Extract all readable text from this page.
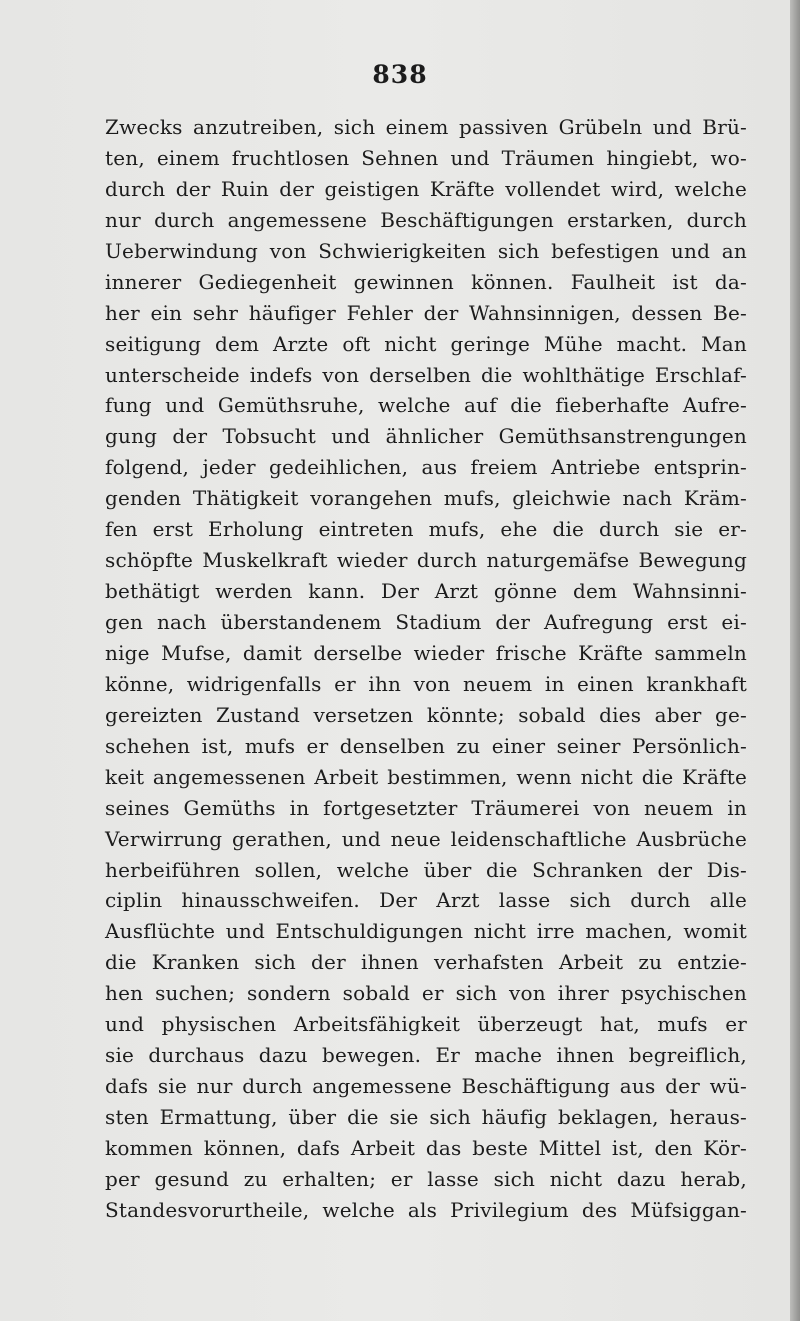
838
Zwecks anzutreiben, sich einem passiven Grübeln und Brü-
ten, einem fruchtlosen Sehnen und Träumen hingiebt, wo-
durch der Ruin der geistigen Kräfte vollendet wird, welche
nur durch angemessene Beschäftigungen erstarken, durch
Ueberwindung von Schwierigkeiten sich befestigen und an
innerer Gediegenheit gewinnen können. Faulheit ist da-
her ein sehr häufiger Fehler der Wahnsinnigen, dessen Be-
seitigung dem Arzte oft nicht geringe Mühe macht. Man
unterscheide indefs von derselben die wohlthätige Erschlaf-
fung und Gemüthsruhe, welche auf die fieberhafte Aufre-
gung der Tobsucht und ähnlicher Gemüthsanstrengungen
folgend, jeder gedeihlichen, aus freiem Antriebe entsprin-
genden Thätigkeit vorangehen mufs, gleichwie nach Kräm-
fen erst Erholung eintreten mufs, ehe die durch sie er-
schöpfte Muskelkraft wieder durch naturgemäfse Bewegung
bethätigt werden kann. Der Arzt gönne dem Wahnsinni-
gen nach überstandenem Stadium der Aufregung erst ei-
nige Mufse, damit derselbe wieder frische Kräfte sammeln
könne, widrigenfalls er ihn von neuem in einen krankhaft
gereizten Zustand versetzen könnte; sobald dies aber ge-
schehen ist, mufs er denselben zu einer seiner Persönlich-
keit angemessenen Arbeit bestimmen, wenn nicht die Kräfte
seines Gemüths in fortgesetzter Träumerei von neuem in
Verwirrung gerathen, und neue leidenschaftliche Ausbrüche
herbeiführen sollen, welche über die Schranken der Dis-
ciplin hinausschweifen. Der Arzt lasse sich durch alle
Ausflüchte und Entschuldigungen nicht irre machen, womit
die Kranken sich der ihnen verhafsten Arbeit zu entzie-
hen suchen; sondern sobald er sich von ihrer psychischen
und physischen Arbeitsfähigkeit überzeugt hat, mufs er
sie durchaus dazu bewegen. Er mache ihnen begreiflich,
dafs sie nur durch angemessene Beschäftigung aus der wü-
sten Ermattung, über die sie sich häufig beklagen, heraus-
kommen können, dafs Arbeit das beste Mittel ist, den Kör-
per gesund zu erhalten; er lasse sich nicht dazu herab,
Standesvorurtheile, welche als Privilegium des Müfsiggan-
